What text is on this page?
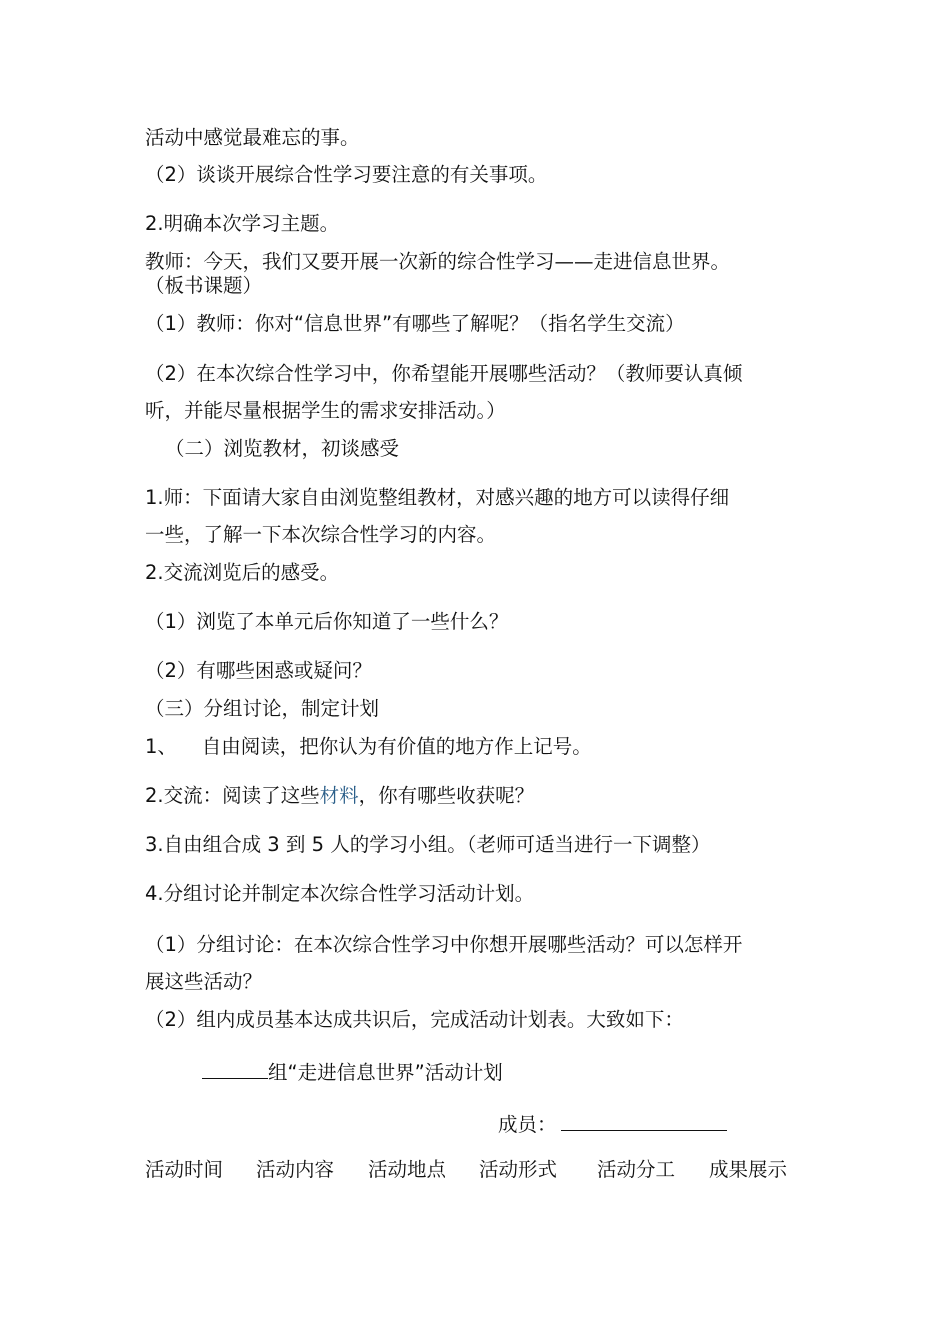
活动中感觉最难忘的事。
（2）谈谈开展综合性学习要注意的有关事项。
2.明确本次学习主题。
教师：今天，我们又要开展一次新的综合性学习——走进信息世界。
（板书课题）
（1）教师：你对“信息世界”有哪些了解呢？（指名学生交流）
（2）在本次综合性学习中，你希望能开展哪些活动？（教师要认真倾
听，并能尽量根据学生的需求安排活动。）
（二）浏览教材，初谈感受
1.师：下面请大家自由浏览整组教材，对感兴趣的地方可以读得仔细
一些，了解一下本次综合性学习的内容。
2.交流浏览后的感受。
（1）浏览了本单元后你知道了一些什么？
（2）有哪些困惑或疑问？
（三）分组讨论，制定计划
1、    自由阅读，把你认为有价值的地方作上记号。
2.交流：阅读了这些材料，你有哪些收获呢？
3.自由组合成 3 到 5 人的学习小组。（老师可适当进行一下调整）
4.分组讨论并制定本次综合性学习活动计划。
（1）分组讨论：在本次综合性学习中你想开展哪些活动？可以怎样开
展这些活动？
（2）组内成员基本达成共识后，完成活动计划表。大致如下：
组“走进信息世界”活动计划
成员：
活动时间 活动内容 活动地点 活动形式 活动分工 成果展示
